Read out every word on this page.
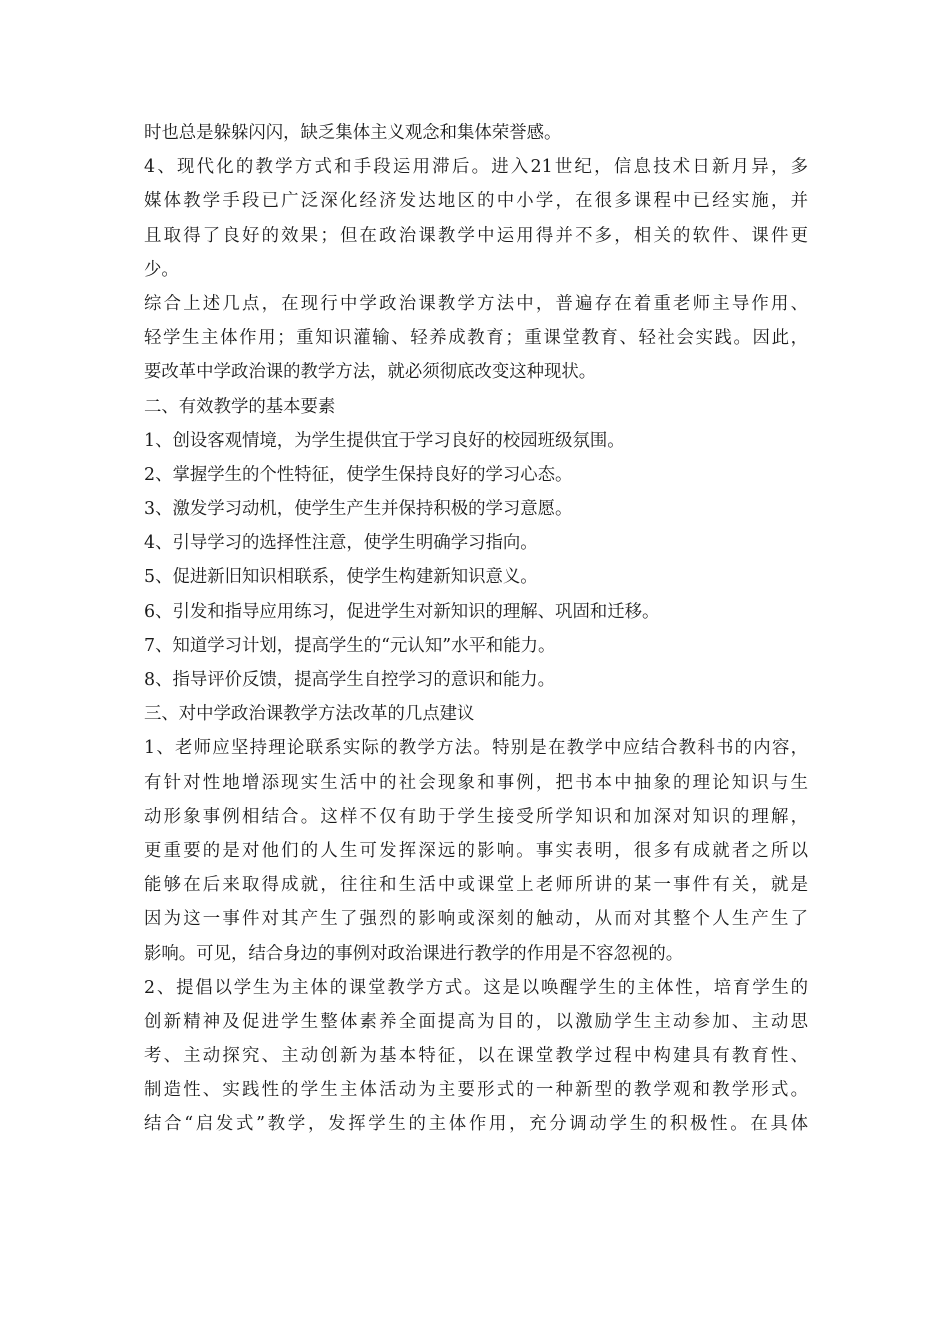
时也总是躲躲闪闪，缺乏集体主义观念和集体荣誉感。
4、现代化的教学方式和手段运用滞后。进入21世纪，信息技术日新月异，多
媒体教学手段已广泛深化经济发达地区的中小学，在很多课程中已经实施，并
且取得了良好的效果；但在政治课教学中运用得并不多，相关的软件、课件更
少。
综合上述几点，在现行中学政治课教学方法中，普遍存在着重老师主导作用、
轻学生主体作用；重知识灌输、轻养成教育；重课堂教育、轻社会实践。因此，
要改革中学政治课的教学方法，就必须彻底改变这种现状。
二、有效教学的基本要素
1、创设客观情境，为学生提供宜于学习良好的校园班级氛围。
2、掌握学生的个性特征，使学生保持良好的学习心态。
3、激发学习动机，使学生产生并保持积极的学习意愿。
4、引导学习的选择性注意，使学生明确学习指向。
5、促进新旧知识相联系，使学生构建新知识意义。
6、引发和指导应用练习，促进学生对新知识的理解、巩固和迁移。
7、知道学习计划，提高学生的“元认知”水平和能力。
8、指导评价反馈，提高学生自控学习的意识和能力。
三、对中学政治课教学方法改革的几点建议
1、老师应坚持理论联系实际的教学方法。特别是在教学中应结合教科书的内容，
有针对性地增添现实生活中的社会现象和事例，把书本中抽象的理论知识与生
动形象事例相结合。这样不仅有助于学生接受所学知识和加深对知识的理解，
更重要的是对他们的人生可发挥深远的影响。事实表明，很多有成就者之所以
能够在后来取得成就，往往和生活中或课堂上老师所讲的某一事件有关，就是
因为这一事件对其产生了强烈的影响或深刻的触动，从而对其整个人生产生了
影响。可见，结合身边的事例对政治课进行教学的作用是不容忽视的。
2、提倡以学生为主体的课堂教学方式。这是以唤醒学生的主体性，培育学生的
创新精神及促进学生整体素养全面提高为目的，以激励学生主动参加、主动思
考、主动探究、主动创新为基本特征，以在课堂教学过程中构建具有教育性、
制造性、实践性的学生主体活动为主要形式的一种新型的教学观和教学形式。
结合“启发式”教学，发挥学生的主体作用，充分调动学生的积极性。在具体
